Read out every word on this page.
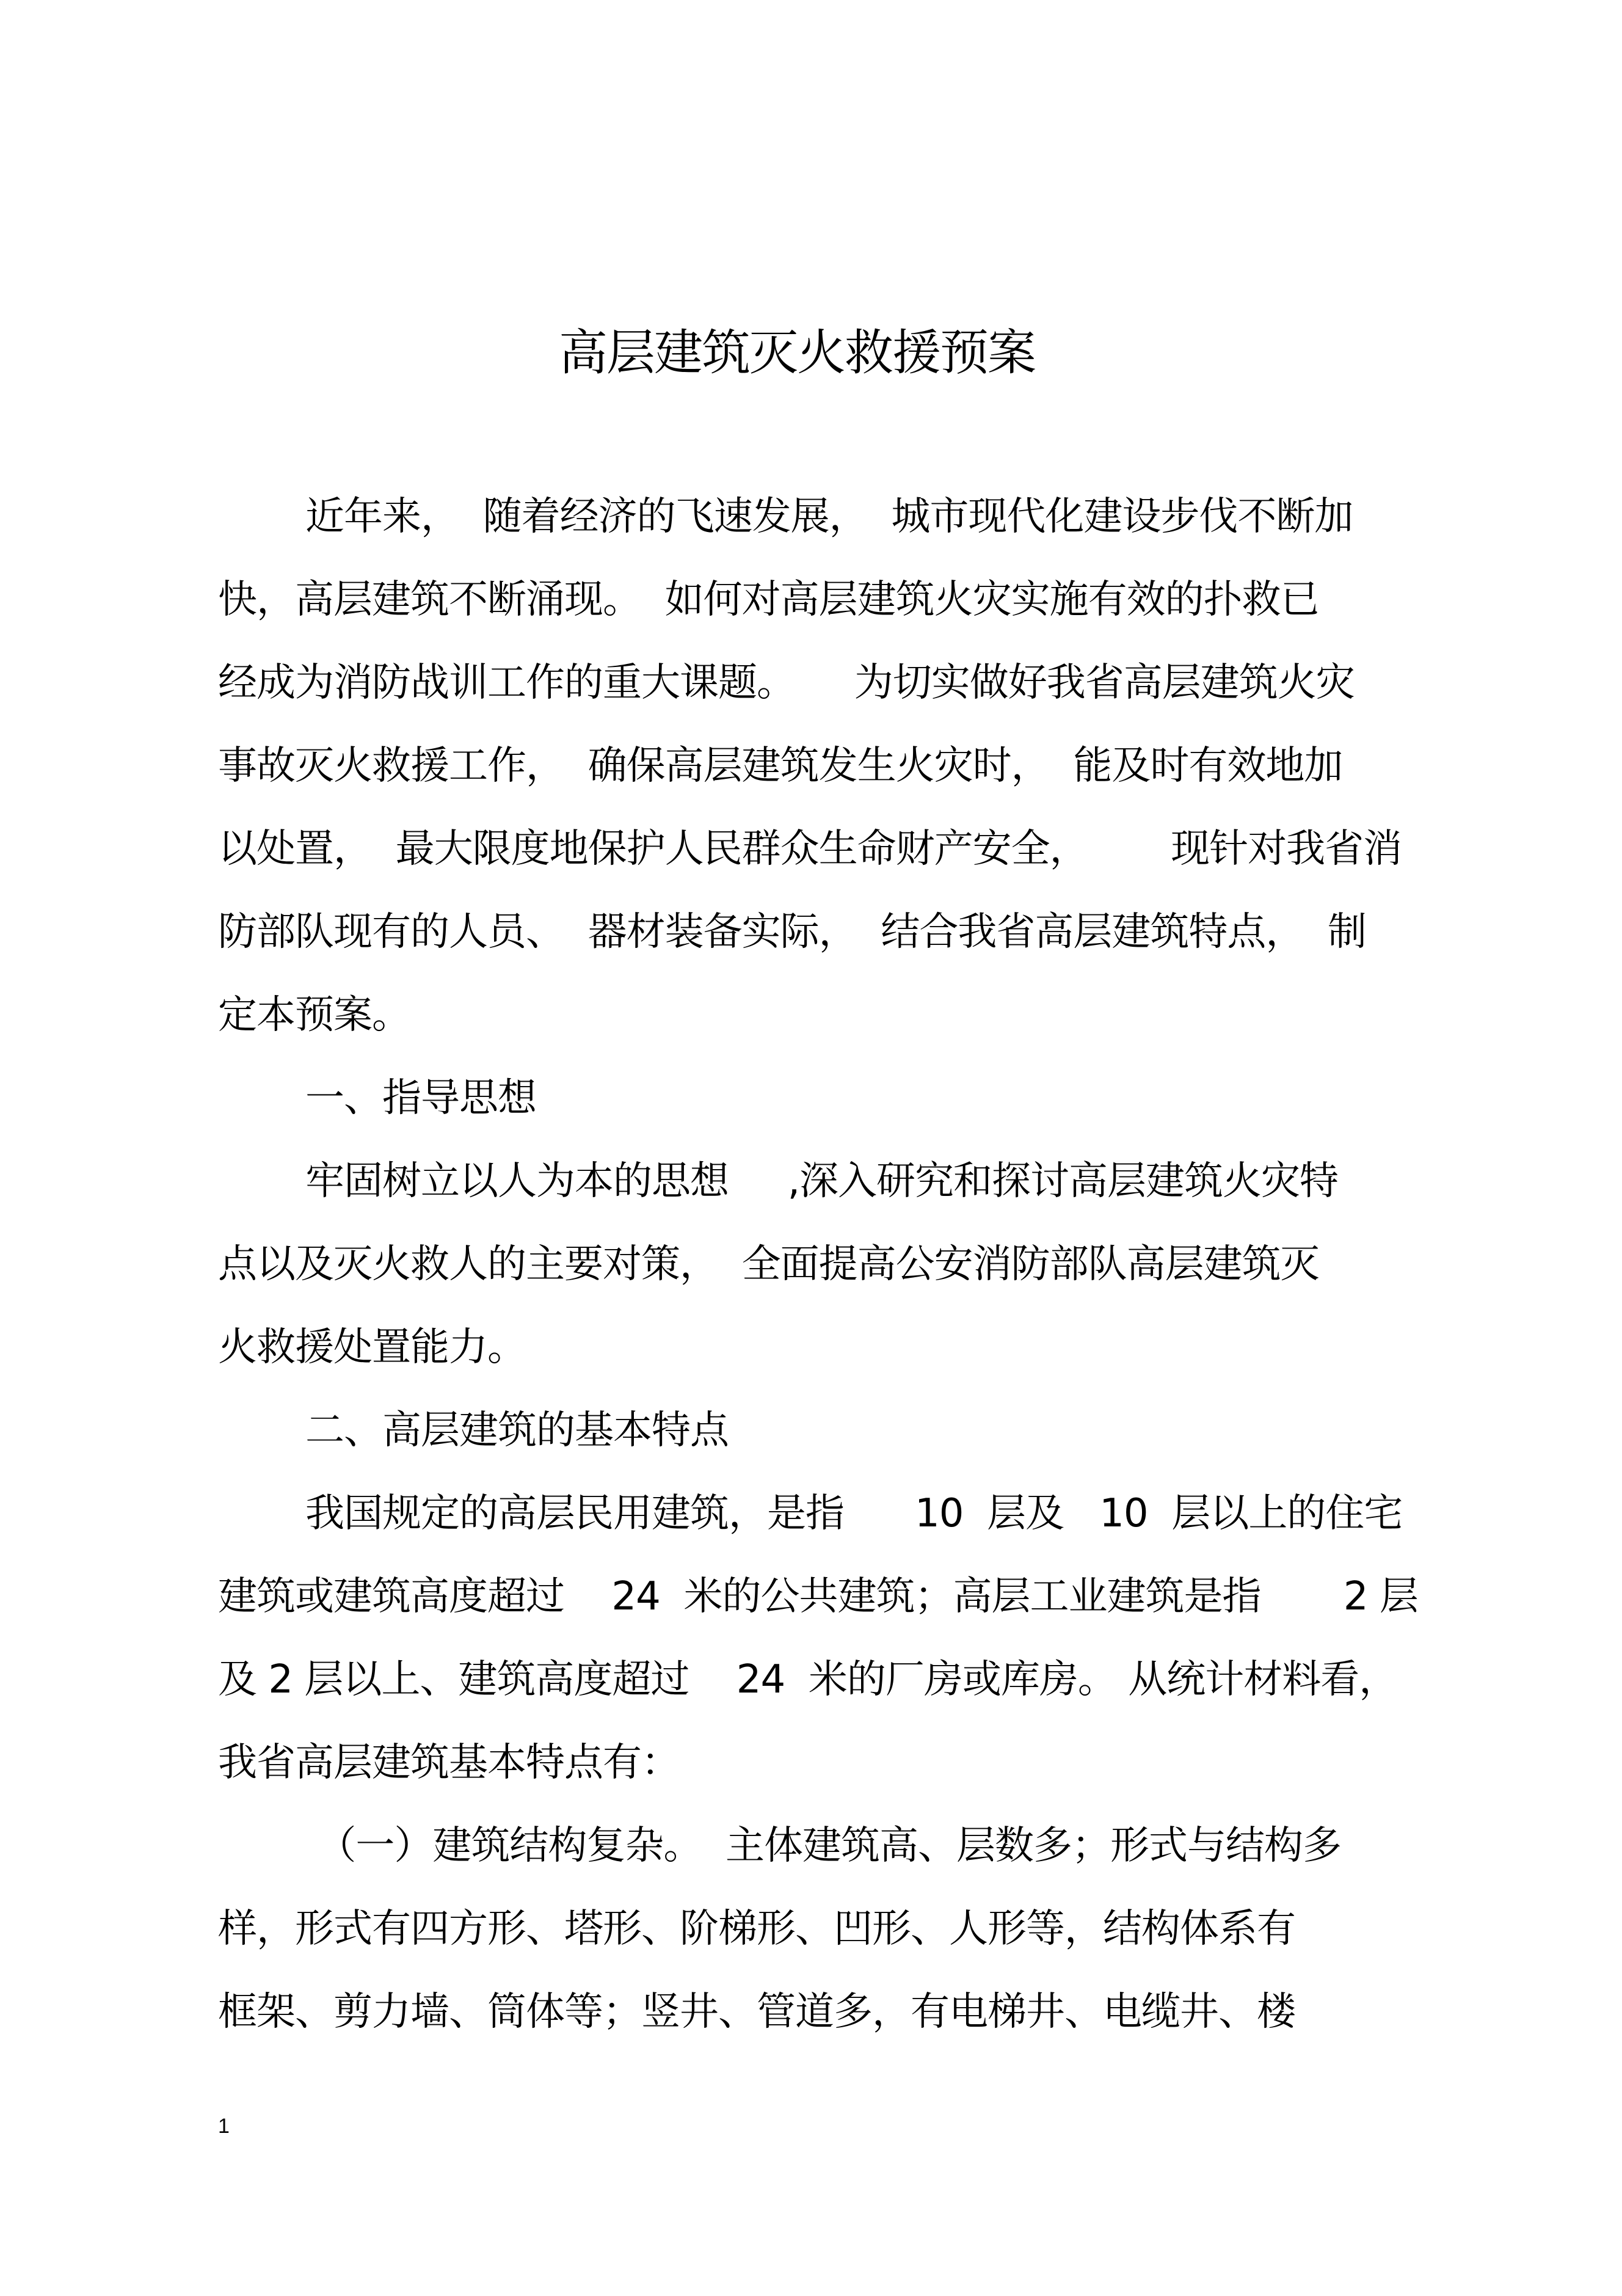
高层建筑灭火救援预案
近年来，  随着经济的飞速发展，  城市现代化建设步伐不断加
快，高层建筑不断涌现。  如何对高层建筑火灾实施有效的扑救已
经成为消防战训工作的重大课题。     为切实做好我省高层建筑火灾
事故灭火救援工作，  确保高层建筑发生火灾时，  能及时有效地加
以处置，  最大限度地保护人民群众生命财产安全，       现针对我省消
防部队现有的人员、  器材装备实际，  结合我省高层建筑特点，  制
定本预案。
一、指导思想
牢固树立以人为本的思想     ,深入研究和探讨高层建筑火灾特
点以及灭火救人的主要对策，  全面提高公安消防部队高层建筑灭
火救援处置能力。
二、高层建筑的基本特点
我国规定的高层民用建筑，是指      10  层及   10  层以上的住宅
建筑或建筑高度超过    24  米的公共建筑；高层工业建筑是指       2 层
及 2 层以上、建筑高度超过    24  米的厂房或库房。 从统计材料看，
我省高层建筑基本特点有：
（一）建筑结构复杂。  主体建筑高、层数多；形式与结构多
样，形式有四方形、塔形、阶梯形、凹形、人形等，结构体系有
框架、剪力墙、筒体等；竖井、管道多，有电梯井、电缆井、楼
1
